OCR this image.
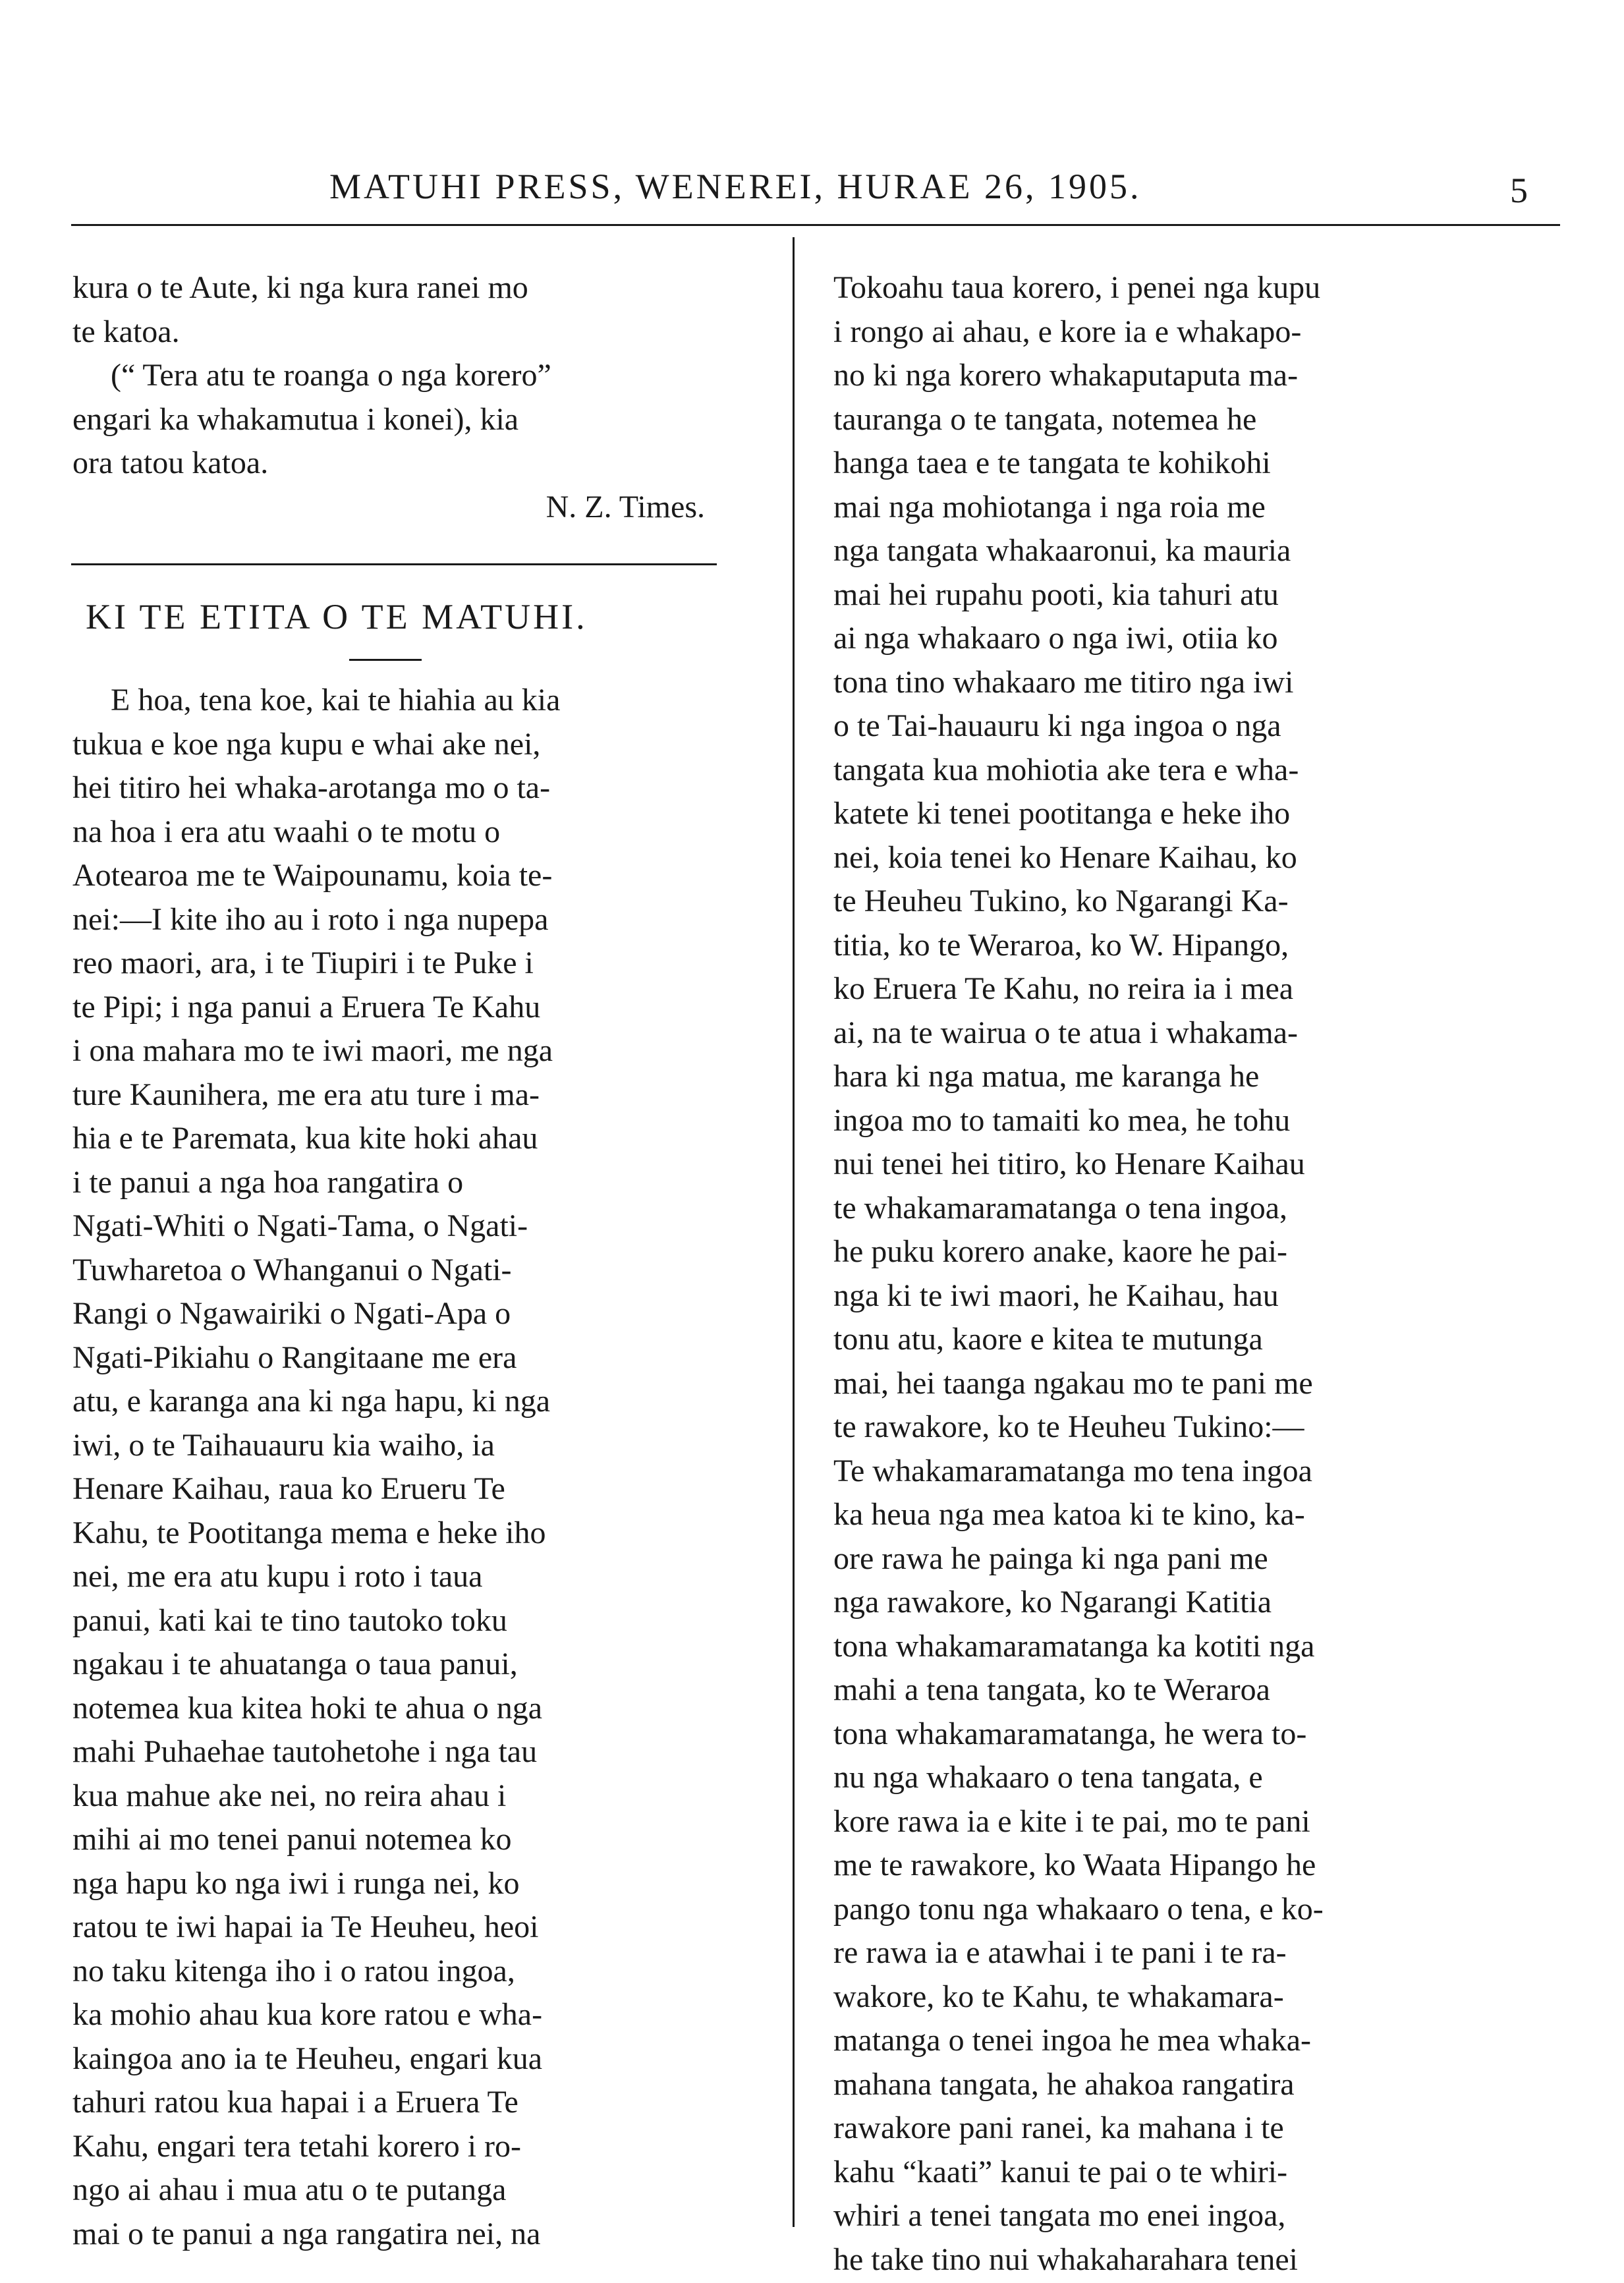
MATUHI PRESS, WENEREI, HURAE 26, 1905.	5
kura o te Aute, ki nga kura ranei mo
te katoa.
(“ Tera atu te roanga o nga korero”
engari ka whakamutua i konei), kia
ora tatou katoa.
N. Z. Times.
KI TE ETITA O TE MATUHI.
E hoa, tena koe, kai te hiahia au kia
tukua e koe nga kupu e whai ake nei,
hei titiro hei whaka-arotanga mo o ta-
na hoa i era atu waahi o te motu o
Aotearoa me te Waipounamu, koia te-
nei:—I kite iho au i roto i nga nupepa
reo maori, ara, i te Tiupiri i te Puke i
te Pipi; i nga panui a Eruera Te Kahu
i ona mahara mo te iwi maori, me nga
ture Kaunihera, me era atu ture i ma-
hia e te Paremata, kua kite hoki ahau
i te panui a nga hoa rangatira o
Ngati-Whiti o Ngati-Tama, o Ngati-
Tuwharetoa o Whanganui o Ngati-
Rangi o Ngawairiki o Ngati-Apa o
Ngati-Pikiahu o Rangitaane me era
atu, e karanga ana ki nga hapu, ki nga
iwi, o te Taihauauru kia waiho, ia
Henare Kaihau, raua ko Erueru Te
Kahu, te Pootitanga mema e heke iho
nei, me era atu kupu i roto i taua
panui, kati kai te tino tautoko toku
ngakau i te ahuatanga o taua panui,
notemea kua kitea hoki te ahua o nga
mahi Puhaehae tautohetohe i nga tau
kua mahue ake nei, no reira ahau i
mihi ai mo tenei panui notemea ko
nga hapu ko nga iwi i runga nei, ko
ratou te iwi hapai ia Te Heuheu, heoi
no taku kitenga iho i o ratou ingoa,
ka mohio ahau kua kore ratou e wha-
kaingoa ano ia te Heuheu, engari kua
tahuri ratou kua hapai i a Eruera Te
Kahu, engari tera tetahi korero i ro-
ngo ai ahau i mua atu o te putanga
mai o te panui a nga rangatira nei, na
Tokoahu taua korero, i penei nga kupu
i rongo ai ahau, e kore ia e whakapo-
no ki nga korero whakaputaputa ma-
tauranga o te tangata, notemea he
hanga taea e te tangata te kohikohi
mai nga mohiotanga i nga roia me
nga tangata whakaaronui, ka mauria
mai hei rupahu pooti, kia tahuri atu
ai nga whakaaro o nga iwi, otiia ko
tona tino whakaaro me titiro nga iwi
o te Tai-hauauru ki nga ingoa o nga
tangata kua mohiotia ake tera e wha-
katete ki tenei pootitanga e heke iho
nei, koia tenei ko Henare Kaihau, ko
te Heuheu Tukino, ko Ngarangi Ka-
titia, ko te Weraroa, ko W. Hipango,
ko Eruera Te Kahu, no reira ia i mea
ai, na te wairua o te atua i whakama-
hara ki nga matua, me karanga he
ingoa mo to tamaiti ko mea, he tohu
nui tenei hei titiro, ko Henare Kaihau
te whakamaramatanga o tena ingoa,
he puku korero anake, kaore he pai-
nga ki te iwi maori, he Kaihau, hau
tonu atu, kaore e kitea te mutunga
mai, hei taanga ngakau mo te pani me
te rawakore, ko te Heuheu Tukino:—
Te whakamaramatanga mo tena ingoa
ka heua nga mea katoa ki te kino, ka-
ore rawa he painga ki nga pani me
nga rawakore, ko Ngarangi Katitia
tona whakamaramatanga ka kotiti nga
mahi a tena tangata, ko te Weraroa
tona whakamaramatanga, he wera to-
nu nga whakaaro o tena tangata, e
kore rawa ia e kite i te pai, mo te pani
me te rawakore, ko Waata Hipango he
pango tonu nga whakaaro o tena, e ko-
re rawa ia e atawhai i te pani i te ra-
wakore, ko te Kahu, te whakamara-
matanga o tenei ingoa he mea whaka-
mahana tangata, he ahakoa rangatira
rawakore pani ranei, ka mahana i te
kahu “kaati” kanui te pai o te whiri-
whiri a tenei tangata mo enei ingoa,
he take tino nui whakaharahara tenei
